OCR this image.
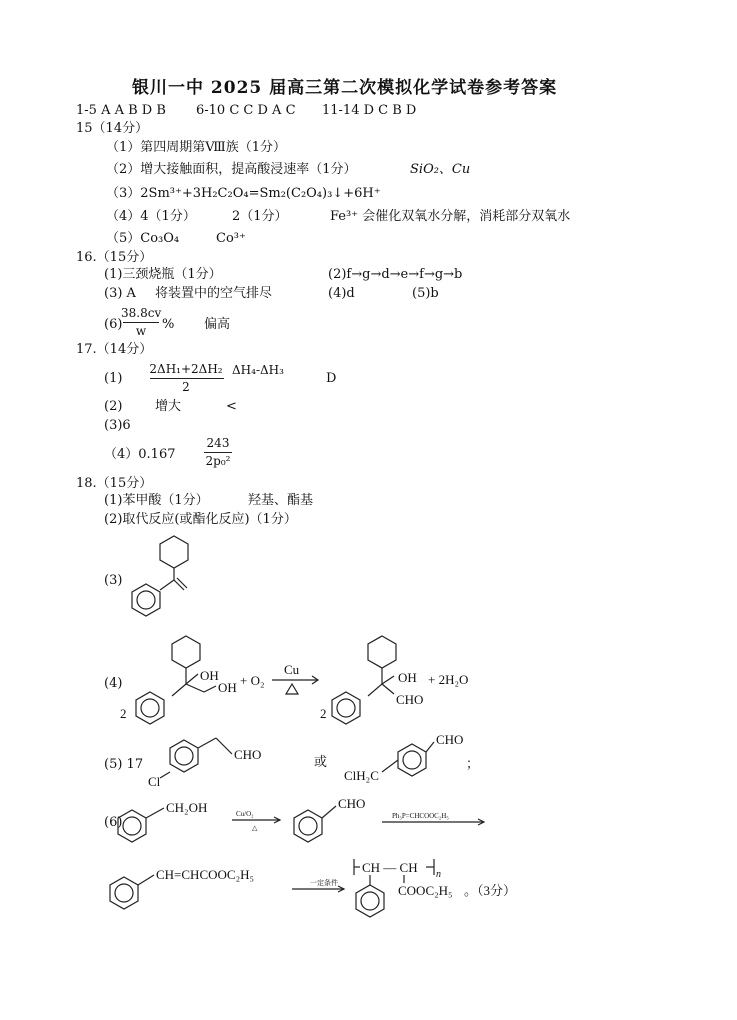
银川一中 2025 届高三第二次模拟化学试卷参考答案
1-5 A A B D B 6-10 C C D A C 11-14 D C B D
15（14分）
（1）第四周期第Ⅷ族（1分）
（2）增大接触面积，提高酸浸速率（1分）	SiO₂、Cu
（3）2Sm³⁺+3H₂C₂O₄=Sm₂(C₂O₄)₃↓+6H⁺
（4）4（1分）	2（1分）	Fe³⁺ 会催化双氧水分解，消耗部分双氧水
（5）Co₃O₄	Co³⁺
16.（15分）
(1)三颈烧瓶（1分）	(2)f→g→d→e→f→g→b
(3) A 将装置中的空气排尽	(4)d	(5)b
(6)
38.8cv
w	% 偏高
17.（14分）
(1)
2ΔH₁+2ΔH₂
2
ΔH₄-ΔH₃
D
(2)	增大	<
(3)6
（4）0.167
243
2p₀²
18.（15分）
(1)苯甲酸（1分）	羟基、酯基
(2)取代反应(或酯化反应)（1分）
(3)
(4)
2
OH
OH + O₂
Cu
2
OH
CHO
+ 2H₂O
(5) 17
Cl
CHO	或
ClH₂C
CHO
；
(6)
CH₂OH	Cu/O₂
△
CHO
Ph₃P=CHCOOC₂H₅
CH=CHCOOC₂H₅
一定条件
CH — CH n
COOC₂H₅ 。（3分）
